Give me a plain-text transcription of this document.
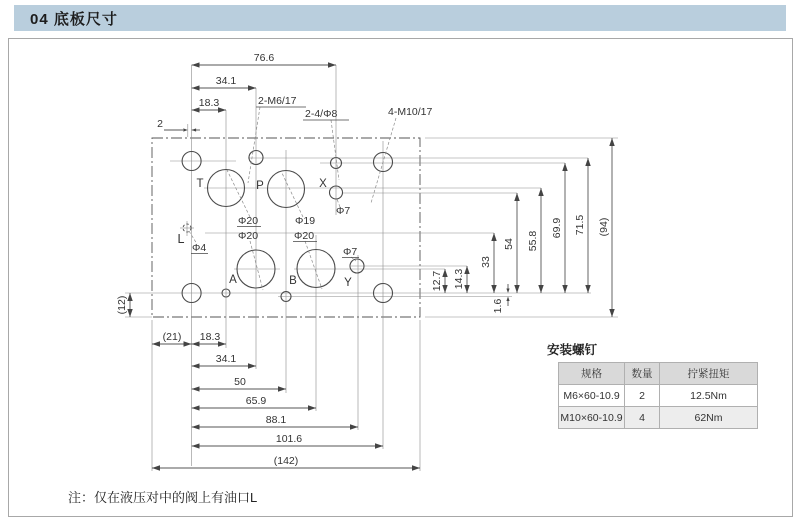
04 底板尺寸
76.6
34.1
18.3
2
(21) 18.3
34.1
50
65.9
88.1
101.6
(142)
12.7 14.3
33
54 55.8
69.9 71.5 (94)
1.6
(12)
2-M6/17
2-4/Φ8	4-M10/17
T	P	X
A	B	Y
L
Φ20	Φ19
Φ7
Φ20	Φ20
Φ7
Φ4
安装螺钉
规格	数量	拧紧扭矩
M6×60-10.9	2	12.5Nm
M10×60-10.9	4	62Nm
注：仅在液压对中的阀上有油口L
